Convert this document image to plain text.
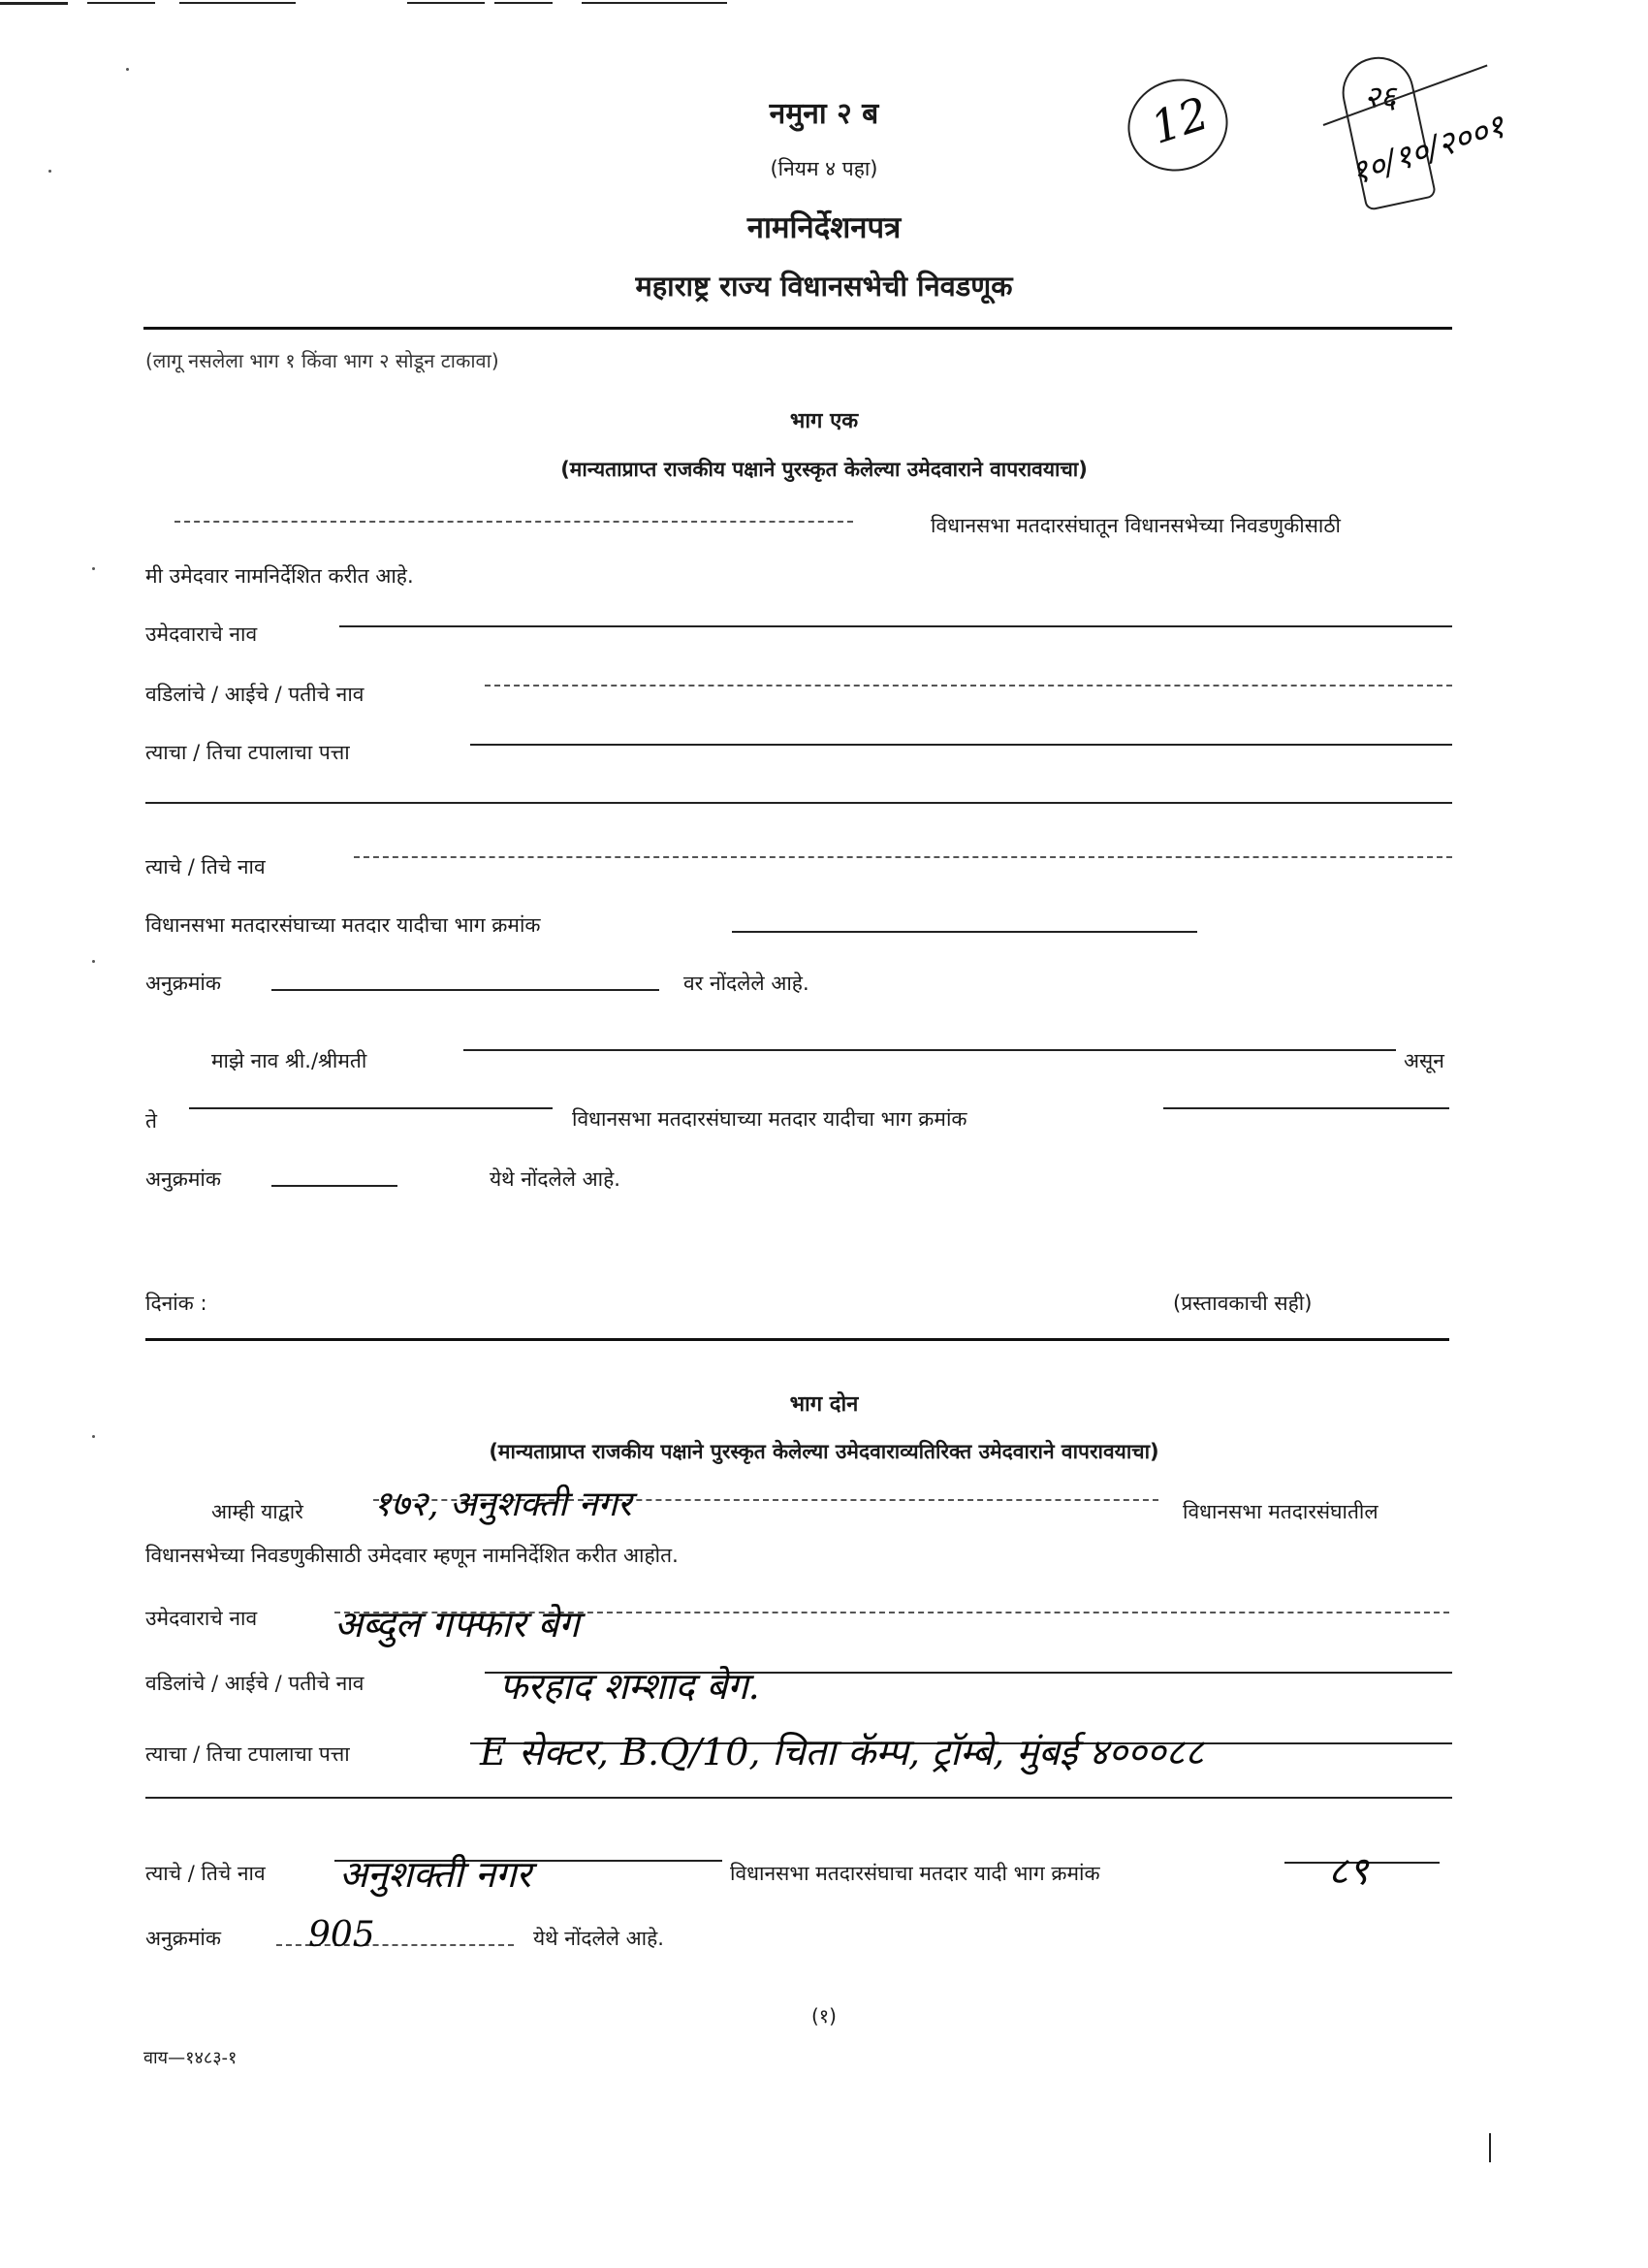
नमुना २ ब
(नियम ४ पहा)
नामनिर्देशनपत्र
महाराष्ट्र राज्य विधानसभेची निवडणूक
12	२६
१०/१०/२००१
(लागू नसलेला भाग १ किंवा भाग २ सोडून टाकावा)
भाग एक
(मान्यताप्राप्त राजकीय पक्षाने पुरस्कृत केलेल्या उमेदवाराने वापरावयाचा)
विधानसभा मतदारसंघातून विधानसभेच्या निवडणुकीसाठी
मी उमेदवार नामनिर्देशित करीत आहे.
उमेदवाराचे नाव
वडिलांचे / आईचे / पतीचे नाव
त्याचा / तिचा टपालाचा पत्ता
त्याचे / तिचे नाव
विधानसभा मतदारसंघाच्या मतदार यादीचा भाग क्रमांक
अनुक्रमांक	वर नोंदलेले आहे.
माझे नाव श्री./श्रीमती	असून
ते	विधानसभा मतदारसंघाच्या मतदार यादीचा भाग क्रमांक
अनुक्रमांक	येथे नोंदलेले आहे.
दिनांक :	(प्रस्तावकाची सही)
भाग दोन
(मान्यताप्राप्त राजकीय पक्षाने पुरस्कृत केलेल्या उमेदवाराव्यतिरिक्त उमेदवाराने वापरावयाचा)
आम्ही याद्वारे १७२, अनुशक्ती नगर	विधानसभा मतदारसंघातील
विधानसभेच्या निवडणुकीसाठी उमेदवार म्हणून नामनिर्देशित करीत आहोत.
उमेदवाराचे नाव अब्दुल गफ्फार बेग
वडिलांचे / आईचे / पतीचे नाव	फरहाद शम्शाद बेग.
त्याचा / तिचा टपालाचा पत्ता	E सेक्टर, B.Q/10, चिता कॅम्प, ट्रॉम्बे, मुंबई ४०००८८
त्याचे / तिचे नाव अनुशक्ती नगर	विधानसभा मतदारसंघाचा मतदार यादी भाग क्रमांक	८९
अनुक्रमांक	905	येथे नोंदलेले आहे.
(१)
वाय—१४८३-१
